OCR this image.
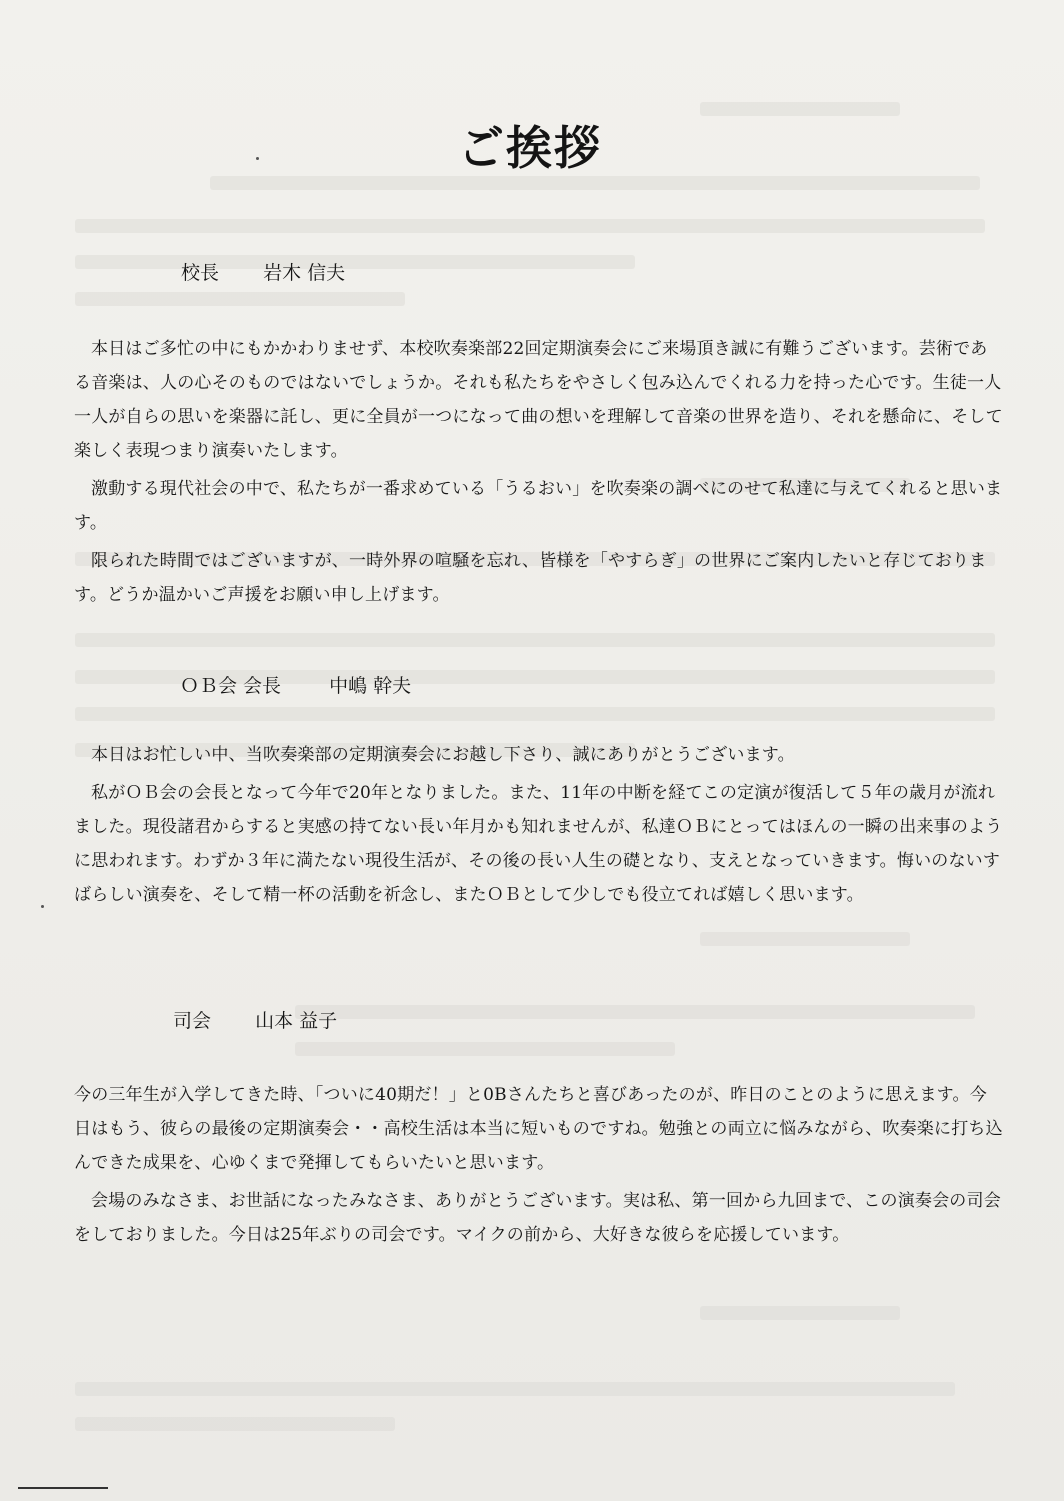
ご挨拶
校長 岩木 信夫

本日はご多忙の中にもかかわりませず、本校吹奏楽部22回定期演奏会にご来場頂き誠に有難うございます。芸術である音楽は、人の心そのものではないでしょうか。それも私たちをやさしく包み込んでくれる力を持った心です。生徒一人一人が自らの思いを楽器に託し、更に全員が一つになって曲の想いを理解して音楽の世界を造り、それを懸命に、そして楽しく表現つまり演奏いたします。

激動する現代社会の中で、私たちが一番求めている「うるおい」を吹奏楽の調べにのせて私達に与えてくれると思います。

限られた時間ではございますが、一時外界の喧騒を忘れ、皆様を「やすらぎ」の世界にご案内したいと存じております。どうか温かいご声援をお願い申し上げます。

ＯＢ会 会長	中嶋 幹夫

本日はお忙しい中、当吹奏楽部の定期演奏会にお越し下さり、誠にありがとうございます。

私がＯＢ会の会長となって今年で20年となりました。また、11年の中断を経てこの定演が復活して５年の歳月が流れました。現役諸君からすると実感の持てない長い年月かも知れませんが、私達ＯＢにとってはほんの一瞬の出来事のように思われます。わずか３年に満たない現役生活が、その後の長い人生の礎となり、支えとなっていきます。悔いのないすばらしい演奏を、そして精一杯の活動を祈念し、またＯＢとして少しでも役立てれば嬉しく思います。

司会 山本 益子

今の三年生が入学してきた時、「ついに40期だ！」と0Bさんたちと喜びあったのが、昨日のことのように思えます。今日はもう、彼らの最後の定期演奏会・・高校生活は本当に短いものですね。勉強との両立に悩みながら、吹奏楽に打ち込んできた成果を、心ゆくまで発揮してもらいたいと思います。

会場のみなさま、お世話になったみなさま、ありがとうございます。実は私、第一回から九回まで、この演奏会の司会をしておりました。今日は25年ぶりの司会です。マイクの前から、大好きな彼らを応援しています。
